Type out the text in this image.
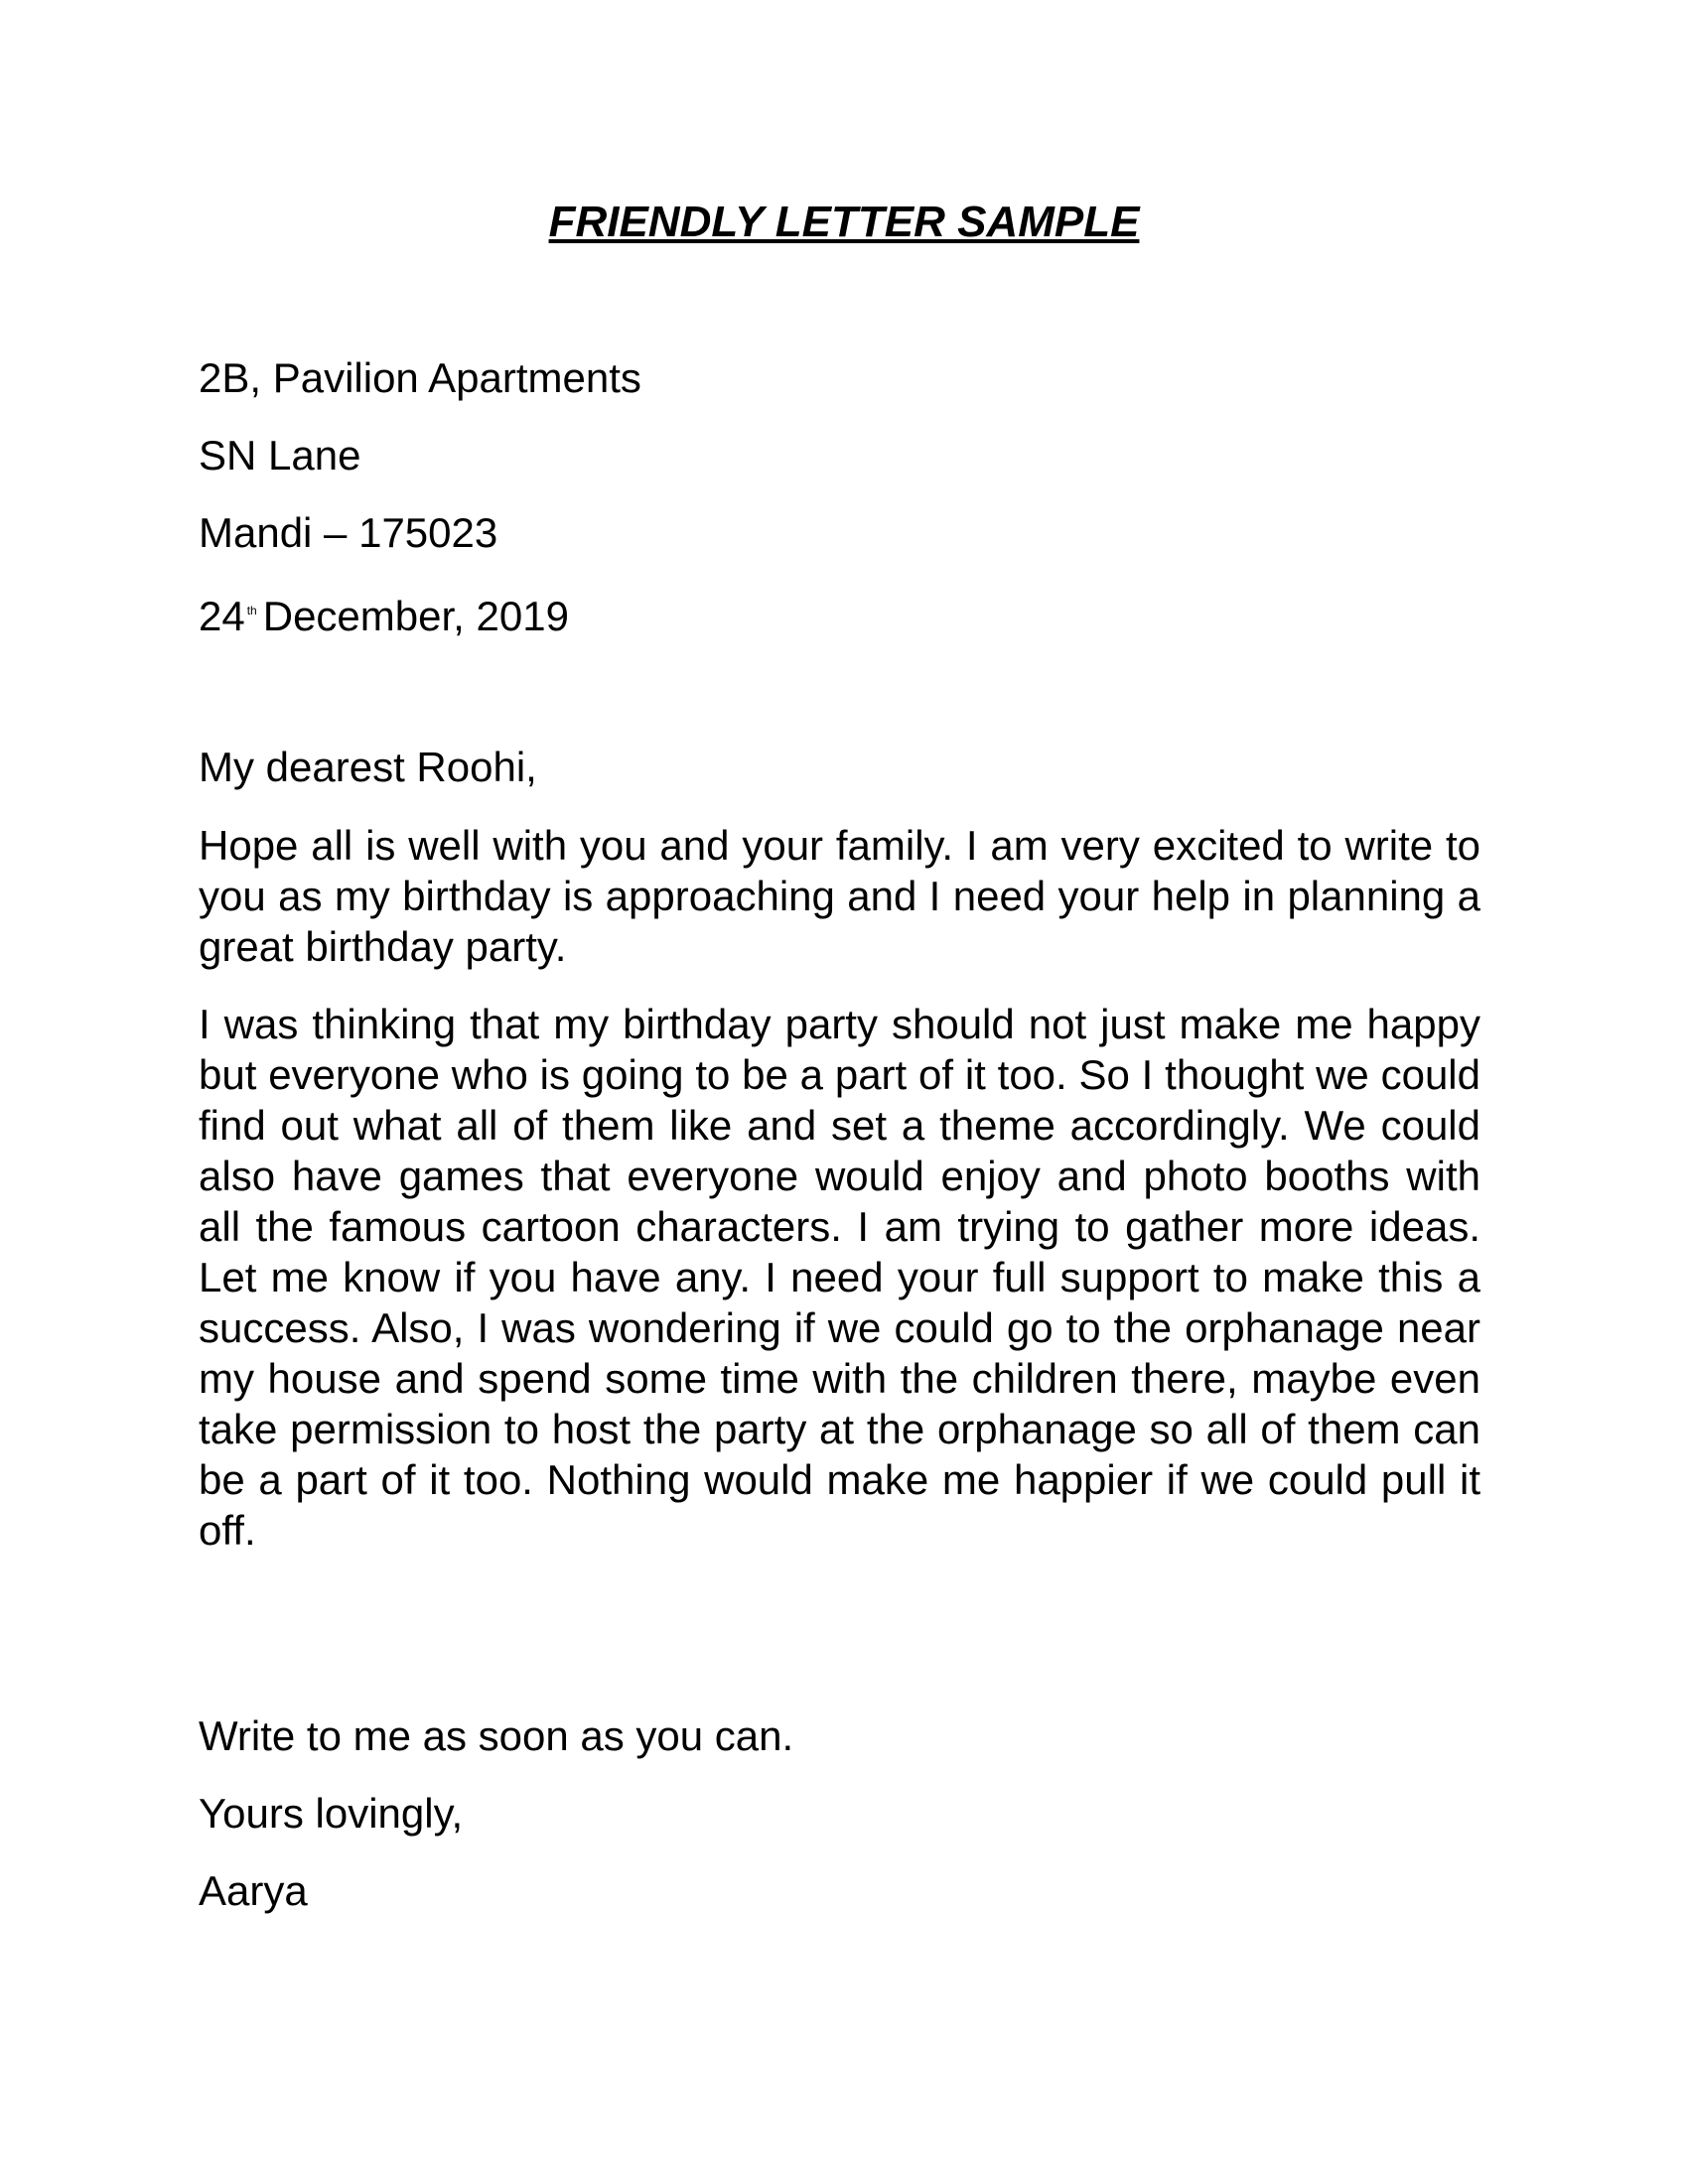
FRIENDLY LETTER SAMPLE
2B, Pavilion Apartments
SN Lane
Mandi – 175023
24 $^{th}$ December, 2019
My dearest Roohi,
Hope all is well with you and your family. I am very excited to write to you as my birthday is approaching and I need your help in planning a great birthday party.
I was thinking that my birthday party should not just make me happy but everyone who is going to be a part of it too. So I thought we could find out what all of them like and set a theme accordingly. We could also have games that everyone would enjoy and photo booths with all the famous cartoon characters. I am trying to gather more ideas. Let me know if you have any. I need your full support to make this a success. Also, I was wondering if we could go to the orphanage near my house and spend some time with the children there, maybe even take permission to host the party at the orphanage so all of them can be a part of it too. Nothing would make me happier if we could pull it off.
Write to me as soon as you can.
Yours lovingly,
Aarya
